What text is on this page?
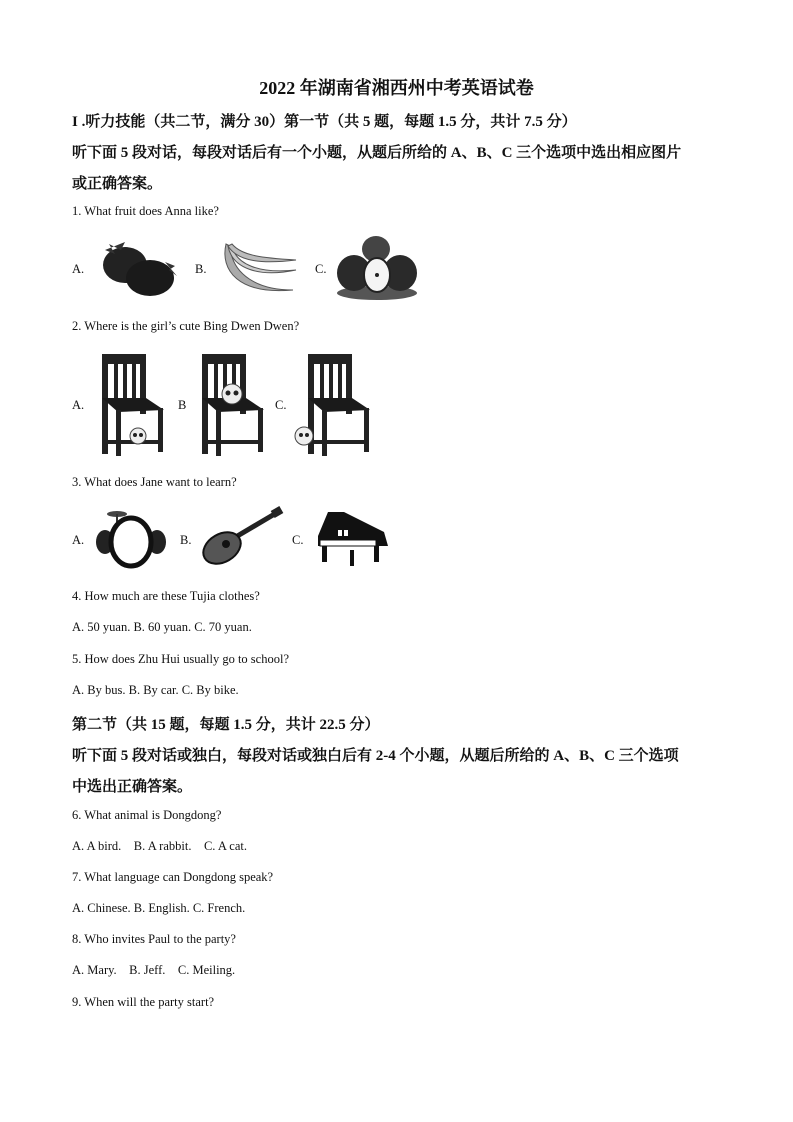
2022 年湖南省湘西州中考英语试卷
I .听力技能（共二节，满分 30）第一节（共 5 题，每题 1.5 分，共计 7.5 分）
听下面 5 段对话，每段对话后有一个小题，从题后所给的 A、B、C 三个选项中选出相应图片
或正确答案。
1. What fruit does Anna like?
A.	B.	C.
2. Where is the girl’s cute Bing Dwen Dwen?
A.	B	C.
3. What does Jane want to learn?
A.	B.	C.
4. How much are these Tujia clothes?
A. 50 yuan. B. 60 yuan. C. 70 yuan.
5. How does Zhu Hui usually go to school?
A. By bus. B. By car. C. By bike.
第二节（共 15 题，每题 1.5 分，共计 22.5 分）
听下面 5 段对话或独白，每段对话或独白后有 2-4 个小题，从题后所给的 A、B、C 三个选项
中选出正确答案。
6. What animal is Dongdong?
A. A bird.    B. A rabbit.    C. A cat.
7. What language can Dongdong speak?
A. Chinese. B. English. C. French.
8. Who invites Paul to the party?
A. Mary.    B. Jeff.    C. Meiling.
9. When will the party start?
